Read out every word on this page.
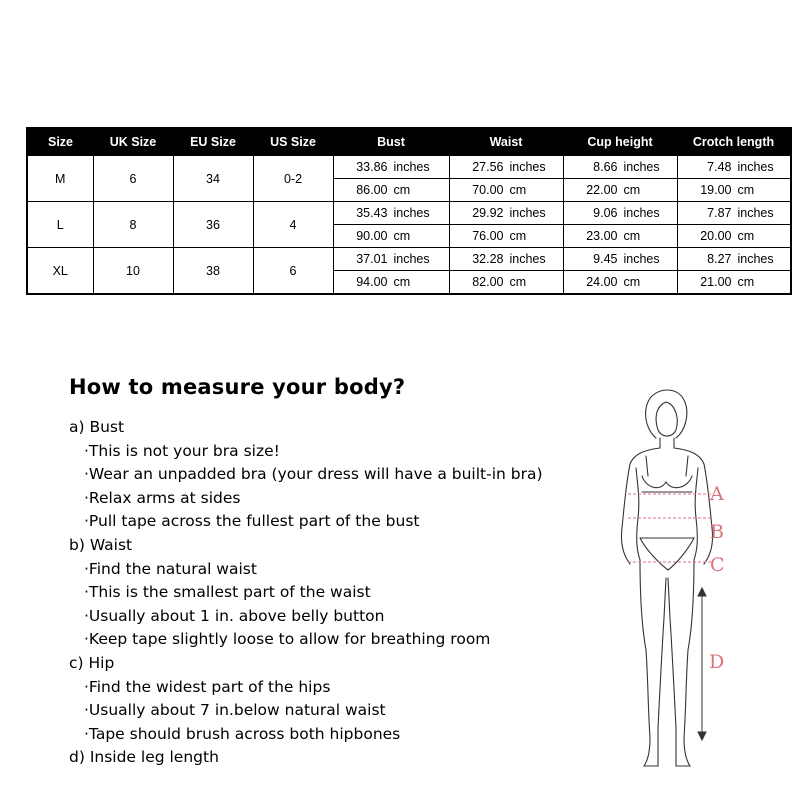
Size	UK Size	EU Size	US Size	Bust	Waist	Cup height	Crotch length
M	6	34	0-2	33.86 inches	27.56 inches	8.66 inches	7.48 inches
				86.00 cm	70.00 cm	22.00 cm	19.00 cm
L	8	36	4	35.43 inches	29.92 inches	9.06 inches	7.87 inches
				90.00 cm	76.00 cm	23.00 cm	20.00 cm
XL	10	38	6	37.01 inches	32.28 inches	9.45 inches	8.27 inches
				94.00 cm	82.00 cm	24.00 cm	21.00 cm
How to measure your body?
a) Bust
·This is not your bra size!
·Wear an unpadded bra (your dress will have a built-in bra)
·Relax arms at sides
·Pull tape across the fullest part of the bust
b) Waist
·Find the natural waist
·This is the smallest part of the waist
·Usually about 1 in. above belly button
·Keep tape slightly loose to allow for breathing room
c) Hip
·Find the widest part of the hips
·Usually about 7 in.below natural waist
·Tape should brush across both hipbones
d) Inside leg length
A
B
C
D
